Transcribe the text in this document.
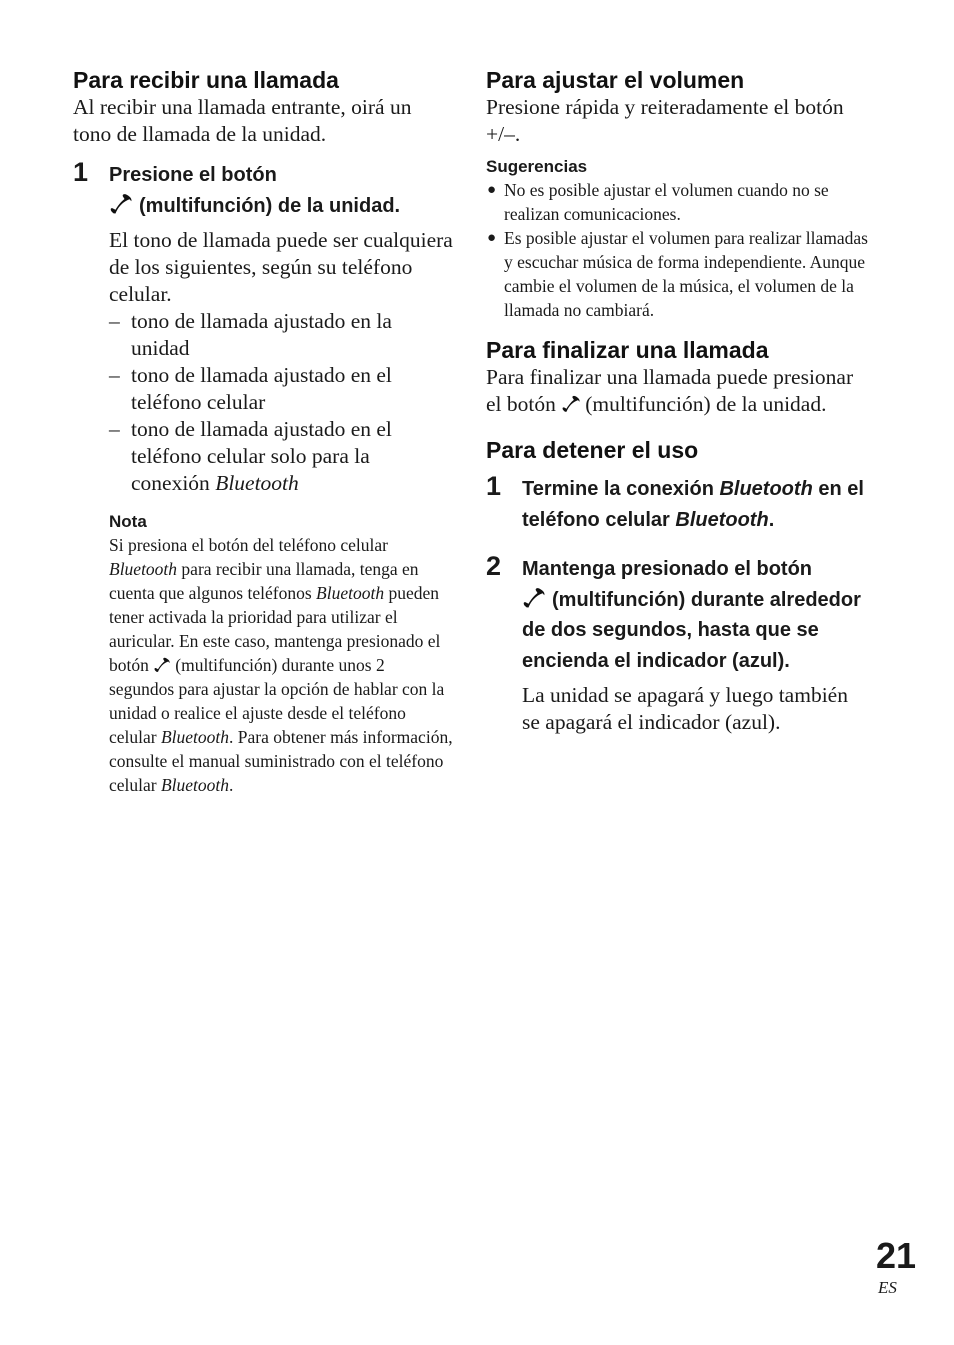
Para recibir una llamada

Al recibir una llamada entrante, oirá un tono de llamada de la unidad.

1 Presione el botón

(multifunción) de la unidad.

El tono de llamada puede ser cualquiera de los siguientes, según su teléfono celular.

– tono de llamada ajustado en la unidad
– tono de llamada ajustado en el teléfono celular
– tono de llamada ajustado en el teléfono celular solo para la conexión Bluetooth
Nota

Si presiona el botón del teléfono celular Bluetooth para recibir una llamada, tenga en cuenta que algunos teléfonos Bluetooth pueden tener activada la prioridad para utilizar el auricular. En este caso, mantenga presionado el botón
(multifunción) durante unos 2 segundos para ajustar la opción de hablar con la unidad o realice el ajuste desde el teléfono celular Bluetooth. Para obtener más información, consulte el manual suministrado con el teléfono celular Bluetooth.

Para ajustar el volumen

Presione rápida y reiteradamente el botón +/–.

Sugerencias
● No es posible ajustar el volumen cuando no se realizan comunicaciones.
● Es posible ajustar el volumen para realizar llamadas y escuchar música de forma independiente. Aunque cambie el volumen de la música, el volumen de la llamada no cambiará.
Para finalizar una llamada

Para finalizar una llamada puede presionar el botón (multifunción) de la unidad.

Para detener el uso
1 Termine la conexión Bluetooth en el teléfono celular Bluetooth.

2 Mantenga presionado el botón

(multifunción) durante alrededor de dos segundos, hasta que se encienda el indicador (azul).

La unidad se apagará y luego también se apagará el indicador (azul).

21
ES
